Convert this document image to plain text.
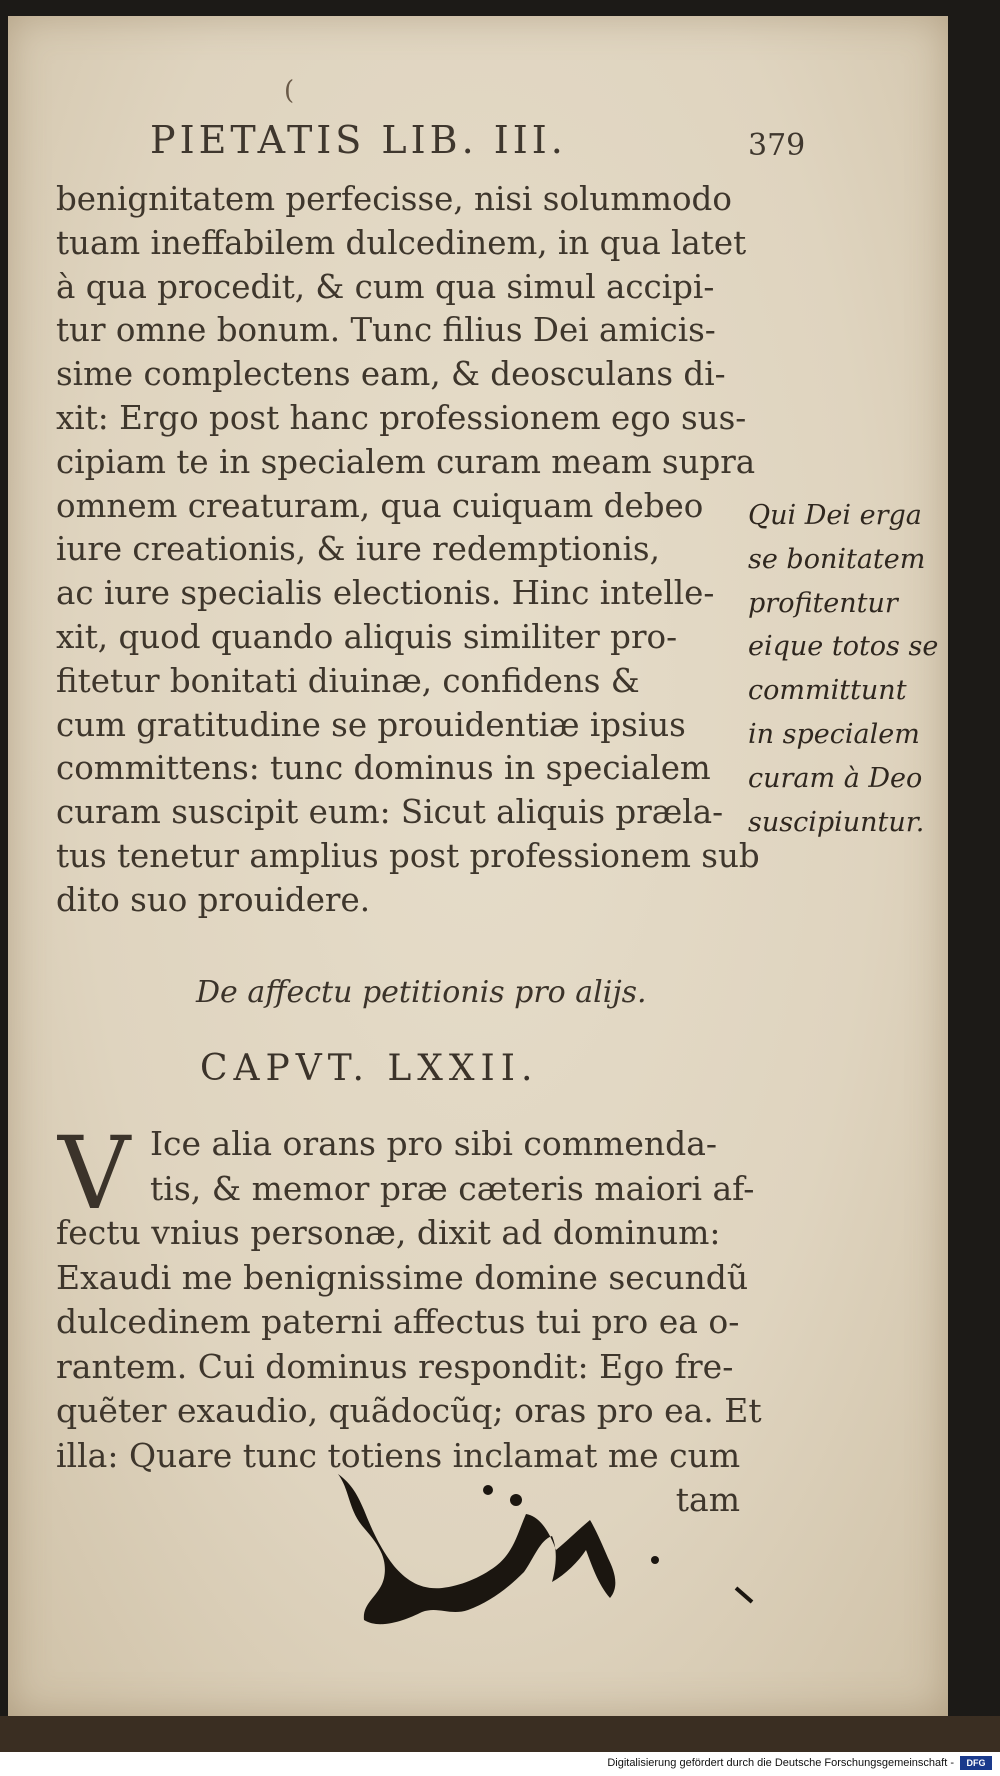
(
PIETATIS LIB. III.	379
benignitatem perfecisse, nisi solummodo
tuam ineffabilem dulcedinem, in qua latet
à qua procedit, & cum qua simul accipi-
tur omne bonum. Tunc filius Dei amicis-
sime complectens eam, & deosculans di-
xit: Ergo post hanc professionem ego sus-
cipiam te in specialem curam meam supra
omnem creaturam, qua cuiquam debeo
iure creationis, & iure redemptionis,
ac iure specialis electionis. Hinc intelle-
xit, quod quando aliquis similiter pro-
fitetur bonitati diuinæ, confidens &
cum gratitudine se prouidentiæ ipsius
committens: tunc dominus in specialem
curam suscipit eum: Sicut aliquis præla-
tus tenetur amplius post professionem sub
dito suo prouidere.
Qui Dei erga
se bonitatem
profitentur
eique totos se
committunt
in specialem
curam à Deo
suscipiuntur.
De affectu petitionis pro alijs.
CAPVT. LXXII.
V Ice alia orans pro sibi commenda-
tis, & memor præ cæteris maiori af-
fectu vnius personæ, dixit ad dominum:
Exaudi me benignissime domine secundũ
dulcedinem paterni affectus tui pro ea o-
rantem. Cui dominus respondit: Ego fre-
quẽter exaudio, quãdocũq; oras pro ea. Et
illa: Quare tunc totiens inclamat me cum
tam
Digitalisierung gefördert durch die Deutsche Forschungsgemeinschaft -	DFG
